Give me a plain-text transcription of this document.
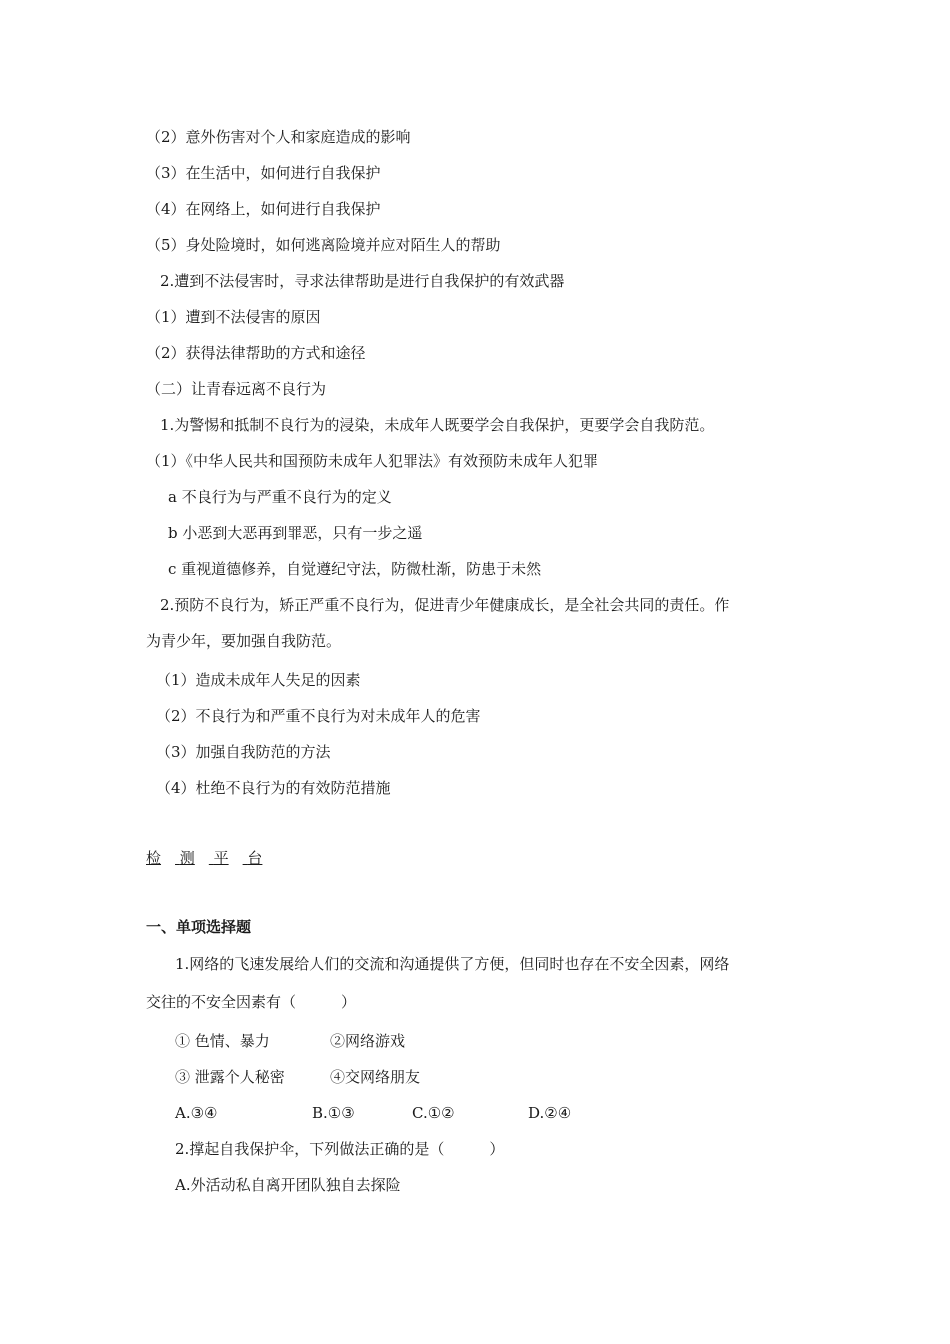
（2）意外伤害对个人和家庭造成的影响
（3）在生活中，如何进行自我保护
（4）在网络上，如何进行自我保护
（5）身处险境时，如何逃离险境并应对陌生人的帮助
2.遭到不法侵害时，寻求法律帮助是进行自我保护的有效武器
（1）遭到不法侵害的原因
（2）获得法律帮助的方式和途径
（二）让青春远离不良行为
1.为警惕和抵制不良行为的浸染，未成年人既要学会自我保护，更要学会自我防范。
（1）《中华人民共和国预防未成年人犯罪法》有效预防未成年人犯罪
a 不良行为与严重不良行为的定义
b 小恶到大恶再到罪恶，只有一步之遥
c 重视道德修养，自觉遵纪守法，防微杜渐，防患于未然
2.预防不良行为，矫正严重不良行为，促进青少年健康成长，是全社会共同的责任。作
为青少年，要加强自我防范。
（1）造成未成年人失足的因素
（2）不良行为和严重不良行为对未成年人的危害
（3）加强自我防范的方法
（4）杜绝不良行为的有效防范措施
检 测 平 台
一、单项选择题
1.网络的飞速发展给人们的交流和沟通提供了方便，但同时也存在不安全因素，网络
交往的不安全因素有（　　　）
① 色情、暴力	②网络游戏
③ 泄露个人秘密	④交网络朋友
A.③④	B.①③	C.①②	D.②④
2.撑起自我保护伞，下列做法正确的是（　　　）
A.外活动私自离开团队独自去探险
